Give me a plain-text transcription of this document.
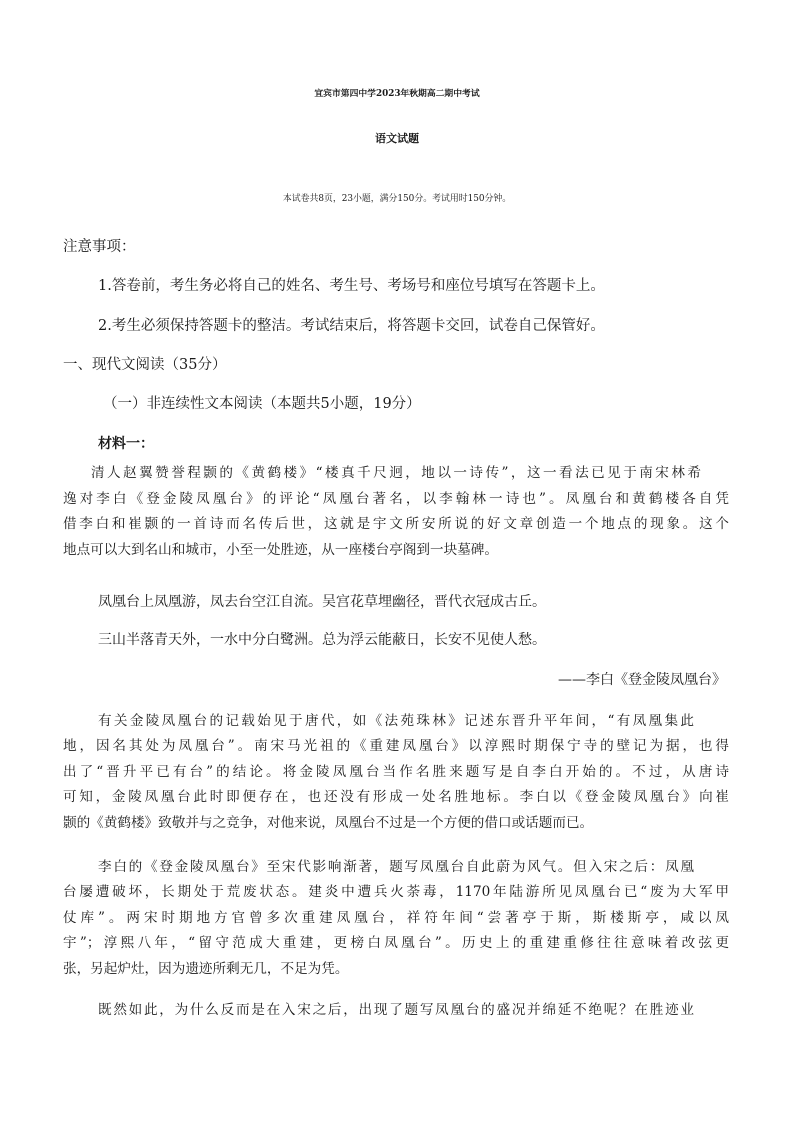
宜宾市第四中学2023年秋期高二期中考试
语文试题
本试卷共8页，23小题，满分150分。考试用时150分钟。
注意事项：
1.答卷前，考生务必将自己的姓名、考生号、考场号和座位号填写在答题卡上。
2.考生必须保持答题卡的整洁。考试结束后，将答题卡交回，试卷自己保管好。
一、现代文阅读（35分）
（一）非连续性文本阅读（本题共5小题，19分）
材料一：
清人赵翼赞誉程颢的《黄鹤楼》“楼真千尺迥，地以一诗传”，这一看法已见于南宋林希
逸对李白《登金陵凤凰台》的评论“凤凰台著名，以李翰林一诗也”。凤凰台和黄鹤楼各自凭
借李白和崔颢的一首诗而名传后世，这就是宇文所安所说的好文章创造一个地点的现象。这个
地点可以大到名山和城市，小至一处胜迹，从一座楼台亭阁到一块墓碑。
凤凰台上凤凰游，凤去台空江自流。吴宫花草埋幽径，晋代衣冠成古丘。
三山半落青天外，一水中分白鹭洲。总为浮云能蔽日，长安不见使人愁。
——李白《登金陵凤凰台》
有关金陵凤凰台的记载始见于唐代，如《法苑珠林》记述东晋升平年间，“有凤凰集此
地，因名其处为凤凰台”。南宋马光祖的《重建凤凰台》以淳熙时期保宁寺的壁记为据，也得
出了“晋升平已有台”的结论。将金陵凤凰台当作名胜来题写是自李白开始的。不过，从唐诗
可知，金陵凤凰台此时即便存在，也还没有形成一处名胜地标。李白以《登金陵凤凰台》向崔
颢的《黄鹤楼》致敬并与之竞争，对他来说，凤凰台不过是一个方便的借口或话题而已。
李白的《登金陵凤凰台》至宋代影响渐著，题写凤凰台自此蔚为风气。但入宋之后：凤凰
台屡遭破坏，长期处于荒废状态。建炎中遭兵火荼毒，1170年陆游所见凤凰台已“废为大军甲
仗库”。两宋时期地方官曾多次重建凤凰台，祥符年间“尝著亭于斯，斯楼斯亭，咸以凤
宇”；淳熙八年，“留守范成大重建，更榜白凤凰台”。历史上的重建重修往往意味着改弦更
张，另起炉灶，因为遗迹所剩无几，不足为凭。
既然如此，为什么反而是在入宋之后，出现了题写凤凰台的盛况并绵延不绝呢？在胜迹业
